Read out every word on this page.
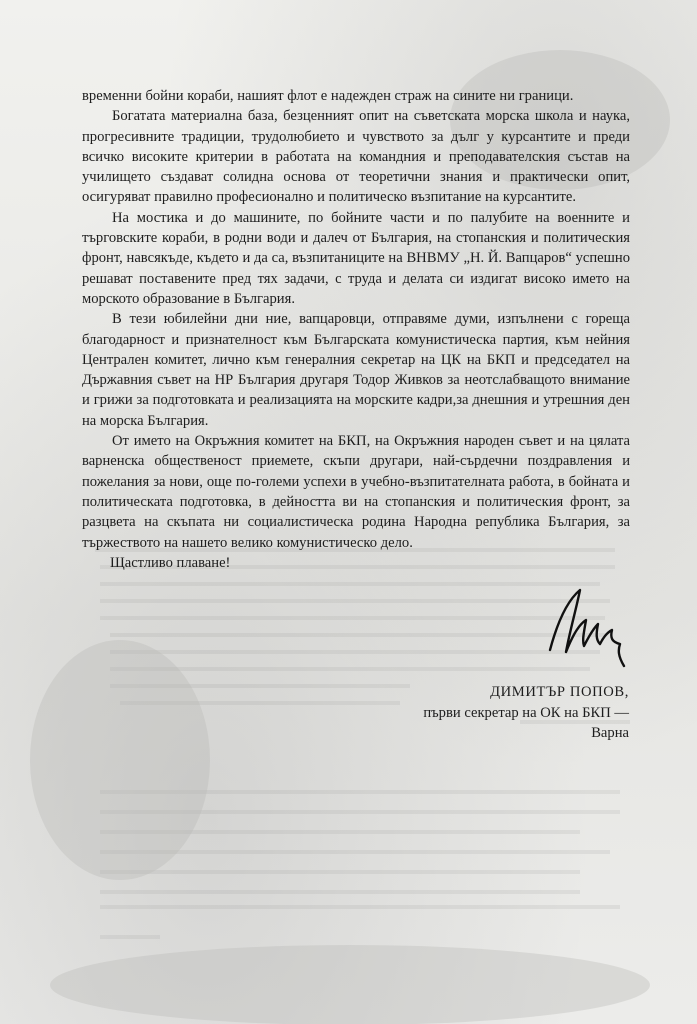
временни бойни кораби, нашият флот е надежден страж на сините ни граници.

Богатата материална база, безценният опит на съветската морска школа и наука, прогресивните традиции, трудолюбието и чувството за дълг у курсантите и преди всичко високите критерии в работата на командния и преподавателския състав на училището създават солидна основа от теоретични знания и практически опит, осигуряват правилно професионално и политическо възпитание на курсантите.

На мостика и до машините, по бойните части и по палубите на военните и търговските кораби, в родни води и далеч от България, на стопанския и политическия фронт, навсякъде, където и да са, възпитаниците на ВНВМУ „Н. Й. Вапцаров“ успешно решават поставените пред тях задачи, с труда и делата си издигат високо името на морското образование в България.

В тези юбилейни дни ние, вапцаровци, отправяме думи, изпълнени с гореща благодарност и признателност към Българската комунистическа партия, към нейния Централен комитет, лично към генералния секретар на ЦК на БКП и председател на Държавния съвет на НР България другаря Тодор Живков за неотслабващото внимание и грижи за подготовката и реализацията на морските кадри,за днешния и утрешния ден на морска България.

От името на Окръжния комитет на БКП, на Окръжния народен съвет и на цялата варненска общественост приемете, скъпи другари, най-сърдечни поздравления и пожелания за нови, още по-големи успехи в учебно-възпитателната работа, в бойната и политическата подготовка, в дейността ви на стопанския и политическия фронт, за разцвета на скъпата ни социалистическа родина Народна република България, за тържеството на нашето велико комунистическо дело.

Щастливо плаване!
ДИМИТЪР ПОПОВ,
първи секретар на ОК на БКП —
Варна
